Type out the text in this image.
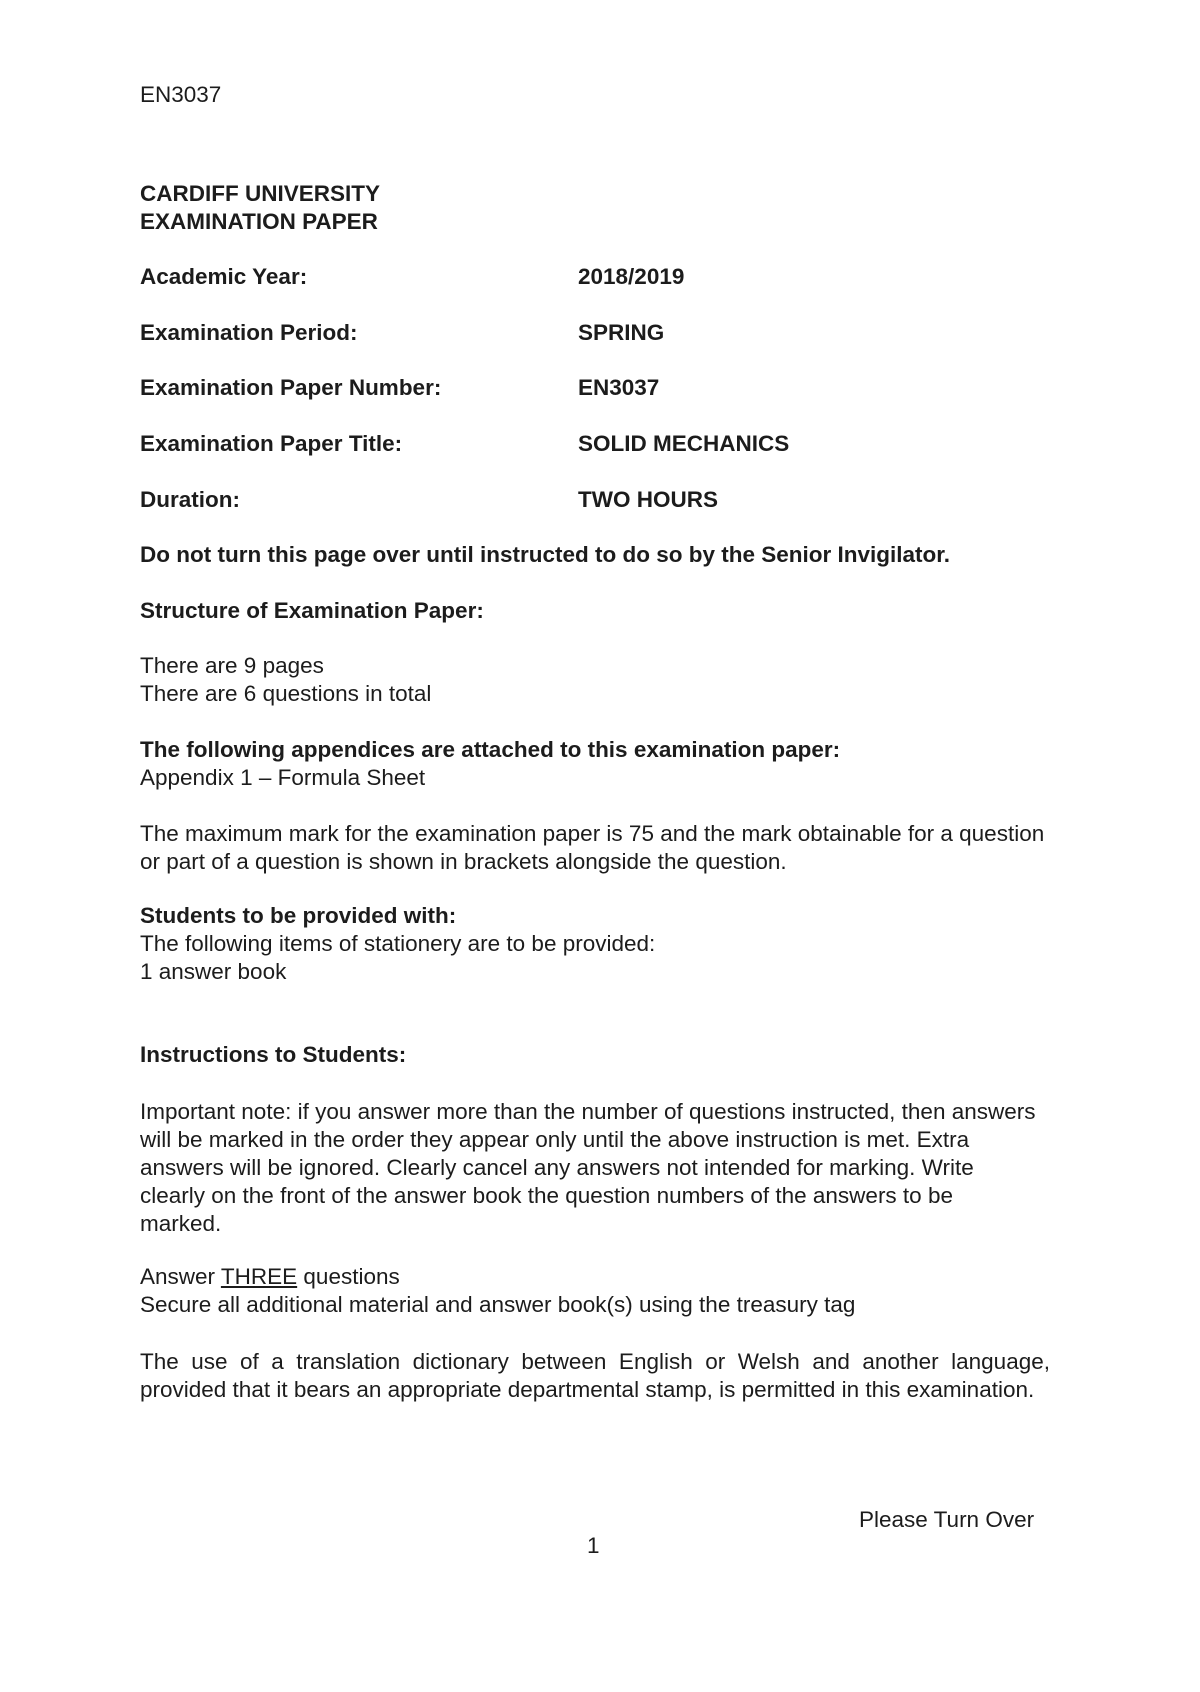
EN3037
CARDIFF UNIVERSITY
EXAMINATION PAPER
Academic Year:	2018/2019
Examination Period:	SPRING
Examination Paper Number:	EN3037
Examination Paper Title:	SOLID MECHANICS
Duration:	TWO HOURS
Do not turn this page over until instructed to do so by the Senior Invigilator.
Structure of Examination Paper:
There are 9 pages
There are 6 questions in total
The following appendices are attached to this examination paper:
Appendix 1 – Formula Sheet
The maximum mark for the examination paper is 75 and the mark obtainable for a question or part of a question is shown in brackets alongside the question.
Students to be provided with:
The following items of stationery are to be provided:
1 answer book
Instructions to Students:
Important note: if you answer more than the number of questions instructed, then answers will be marked in the order they appear only until the above instruction is met. Extra answers will be ignored. Clearly cancel any answers not intended for marking. Write clearly on the front of the answer book the question numbers of the answers to be marked.
Answer THREE questions
Secure all additional material and answer book(s) using the treasury tag
The use of a translation dictionary between English or Welsh and another language, provided that it bears an appropriate departmental stamp, is permitted in this examination.
Please Turn Over
1
